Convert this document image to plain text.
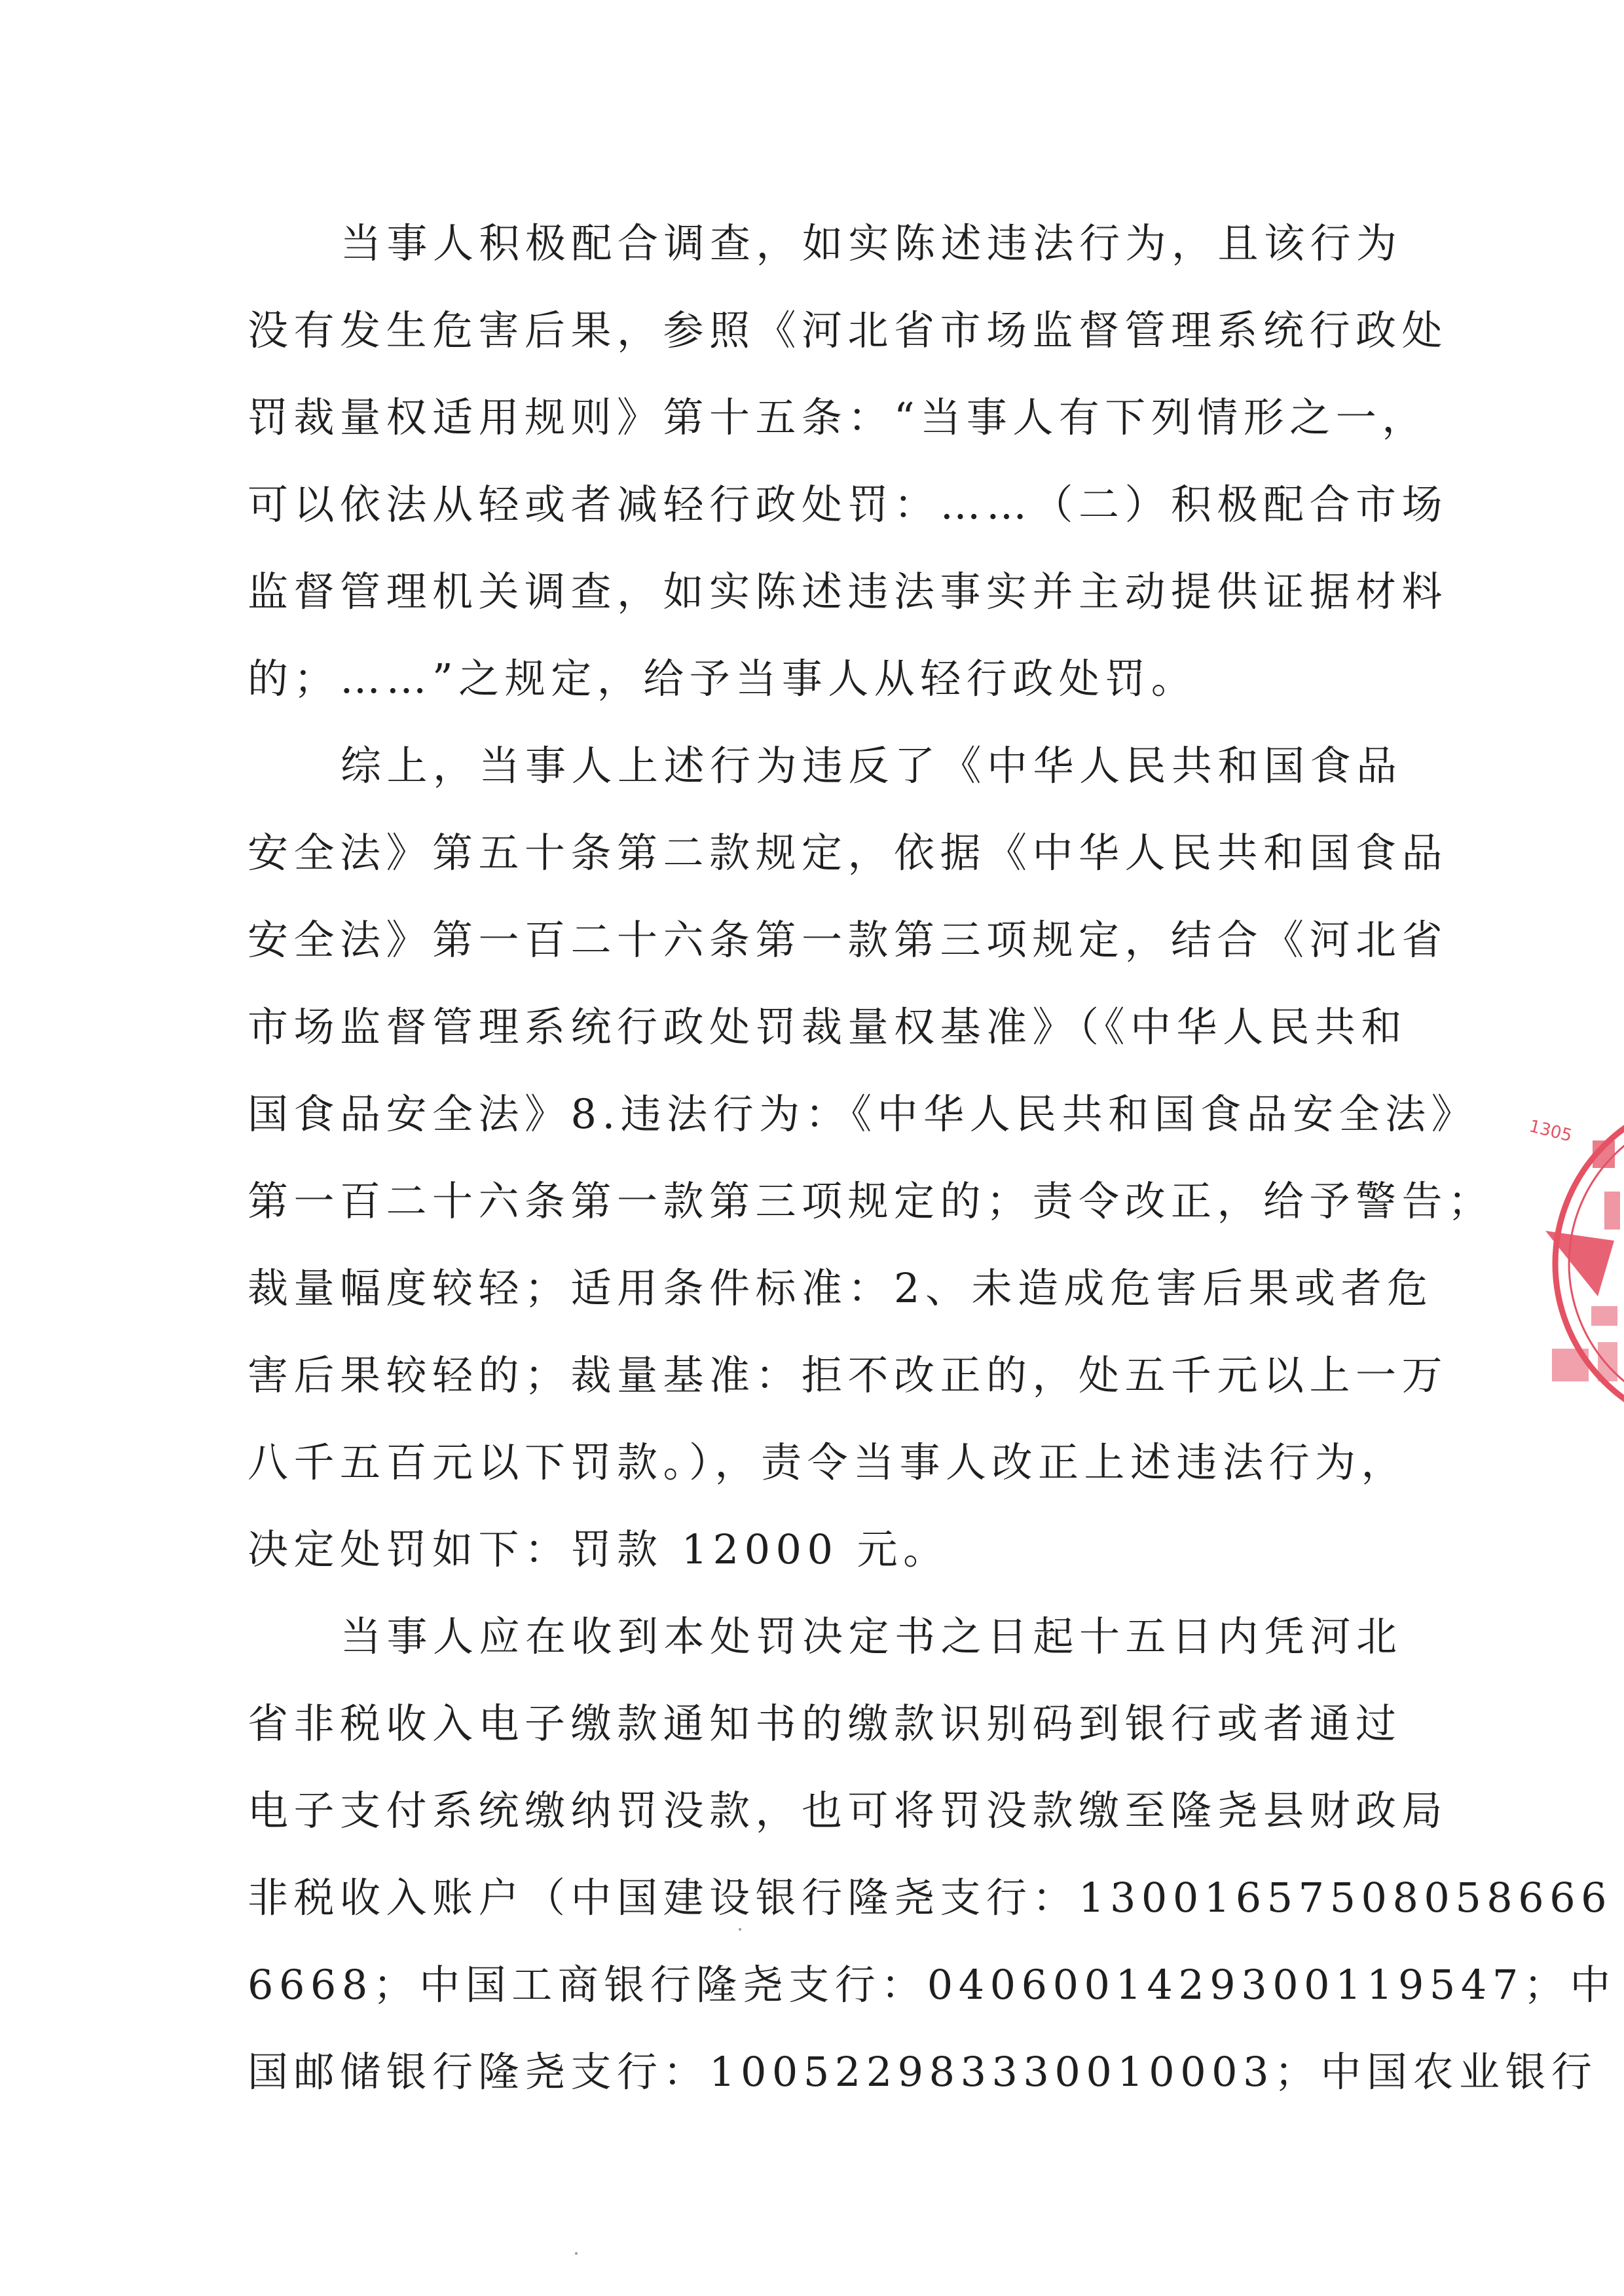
当事人积极配合调查，如实陈述违法行为，且该行为
没有发生危害后果，参照《河北省市场监督管理系统行政处
罚裁量权适用规则》第十五条：“当事人有下列情形之一，
可以依法从轻或者减轻行政处罚：……（二）积极配合市场
监督管理机关调查，如实陈述违法事实并主动提供证据材料
的；……”之规定，给予当事人从轻行政处罚。
综上，当事人上述行为违反了《中华人民共和国食品
安全法》第五十条第二款规定，依据《中华人民共和国食品
安全法》第一百二十六条第一款第三项规定，结合《河北省
市场监督管理系统行政处罚裁量权基准》（《中华人民共和
国食品安全法》8.违法行为：《中华人民共和国食品安全法》
第一百二十六条第一款第三项规定的；责令改正，给予警告；
裁量幅度较轻；适用条件标准：2、未造成危害后果或者危
害后果较轻的；裁量基准：拒不改正的，处五千元以上一万
八千五百元以下罚款。），责令当事人改正上述违法行为，
决定处罚如下：罚款 12000 元。
当事人应在收到本处罚决定书之日起十五日内凭河北
省非税收入电子缴款通知书的缴款识别码到银行或者通过
电子支付系统缴纳罚没款，也可将罚没款缴至隆尧县财政局
非税收入账户（中国建设银行隆尧支行：13001657508058666
6668；中国工商银行隆尧支行：0406001429300119547；中
国邮储银行隆尧支行：100522983330010003；中国农业银行
1305
